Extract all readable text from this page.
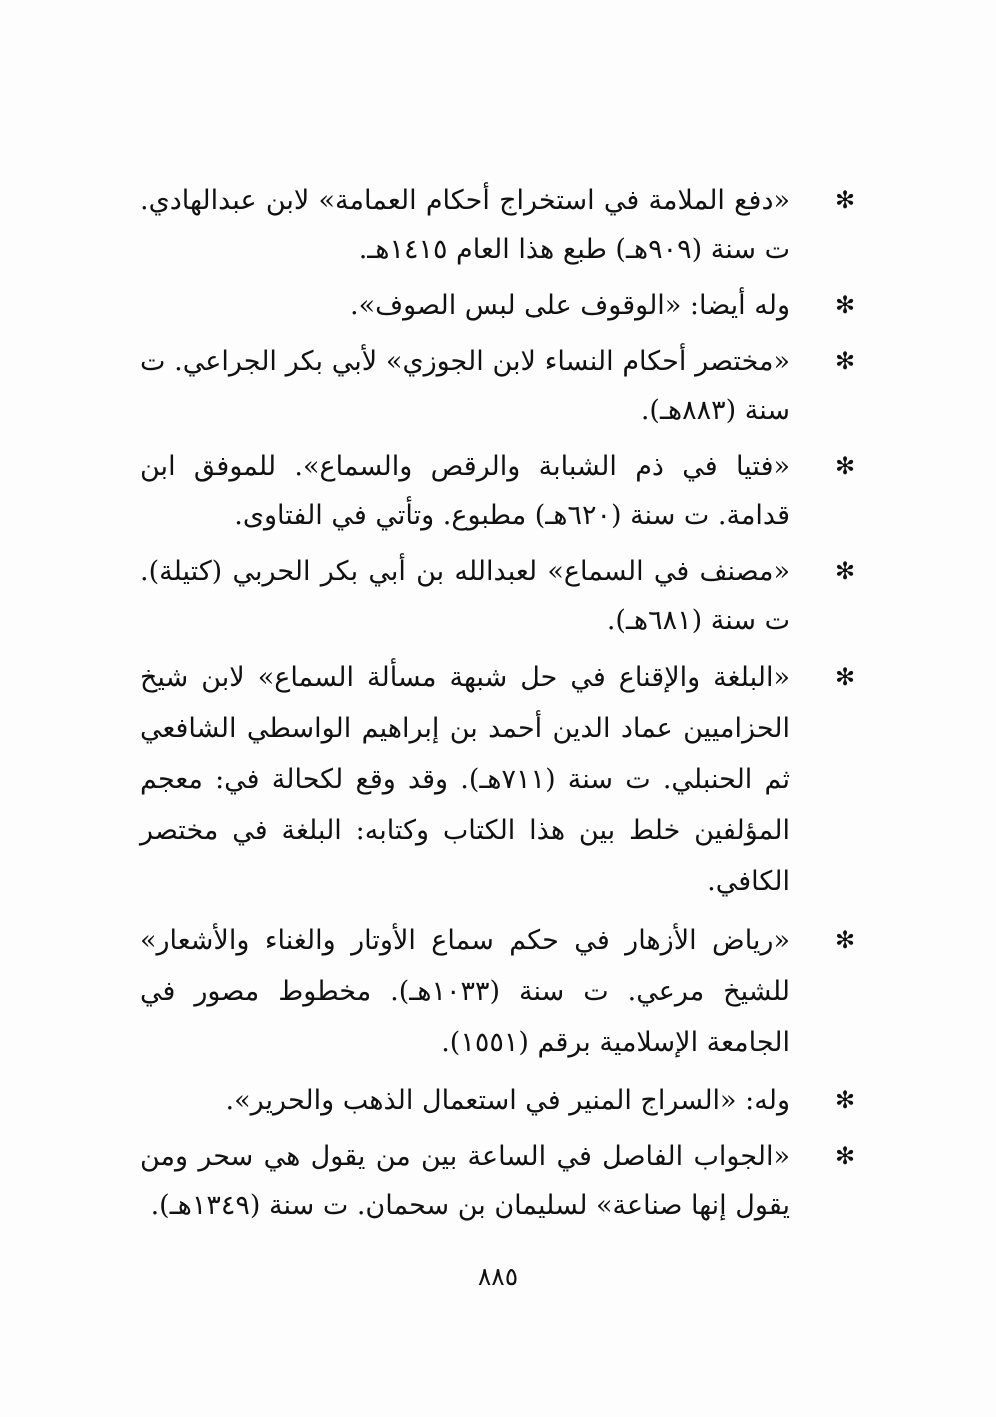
✻
«دفع الملامة في استخراج أحكام العمامة» لابن عبدالهادي. ت سنة (٩٠٩هـ) طبع هذا العام ١٤١٥هـ.
✻
وله أيضا: «الوقوف على لبس الصوف».
✻
«مختصر أحكام النساء لابن الجوزي» لأبي بكر الجراعي. ت سنة (٨٨٣هـ).
✻
«فتيا في ذم الشبابة والرقص والسماع». للموفق ابن قدامة. ت سنة (٦٢٠هـ) مطبوع. وتأتي في الفتاوى.
✻
«مصنف في السماع» لعبدالله بن أبي بكر الحربي (كتيلة). ت سنة (٦٨١هـ).
✻
«البلغة والإقناع في حل شبهة مسألة السماع» لابن شيخ الحزاميين عماد الدين أحمد بن إبراهيم الواسطي الشافعي ثم الحنبلي. ت سنة (٧١١هـ). وقد وقع لكحالة في: معجم المؤلفين خلط بين هذا الكتاب وكتابه: البلغة في مختصر الكافي.
✻
«رياض الأزهار في حكم سماع الأوتار والغناء والأشعار» للشيخ مرعي. ت سنة (١٠٣٣هـ). مخطوط مصور في الجامعة الإسلامية برقم (١٥٥١).
✻
وله: «السراج المنير في استعمال الذهب والحرير».
✻
«الجواب الفاصل في الساعة بين من يقول هي سحر ومن يقول إنها صناعة» لسليمان بن سحمان. ت سنة (١٣٤٩هـ).
٨٨٥
